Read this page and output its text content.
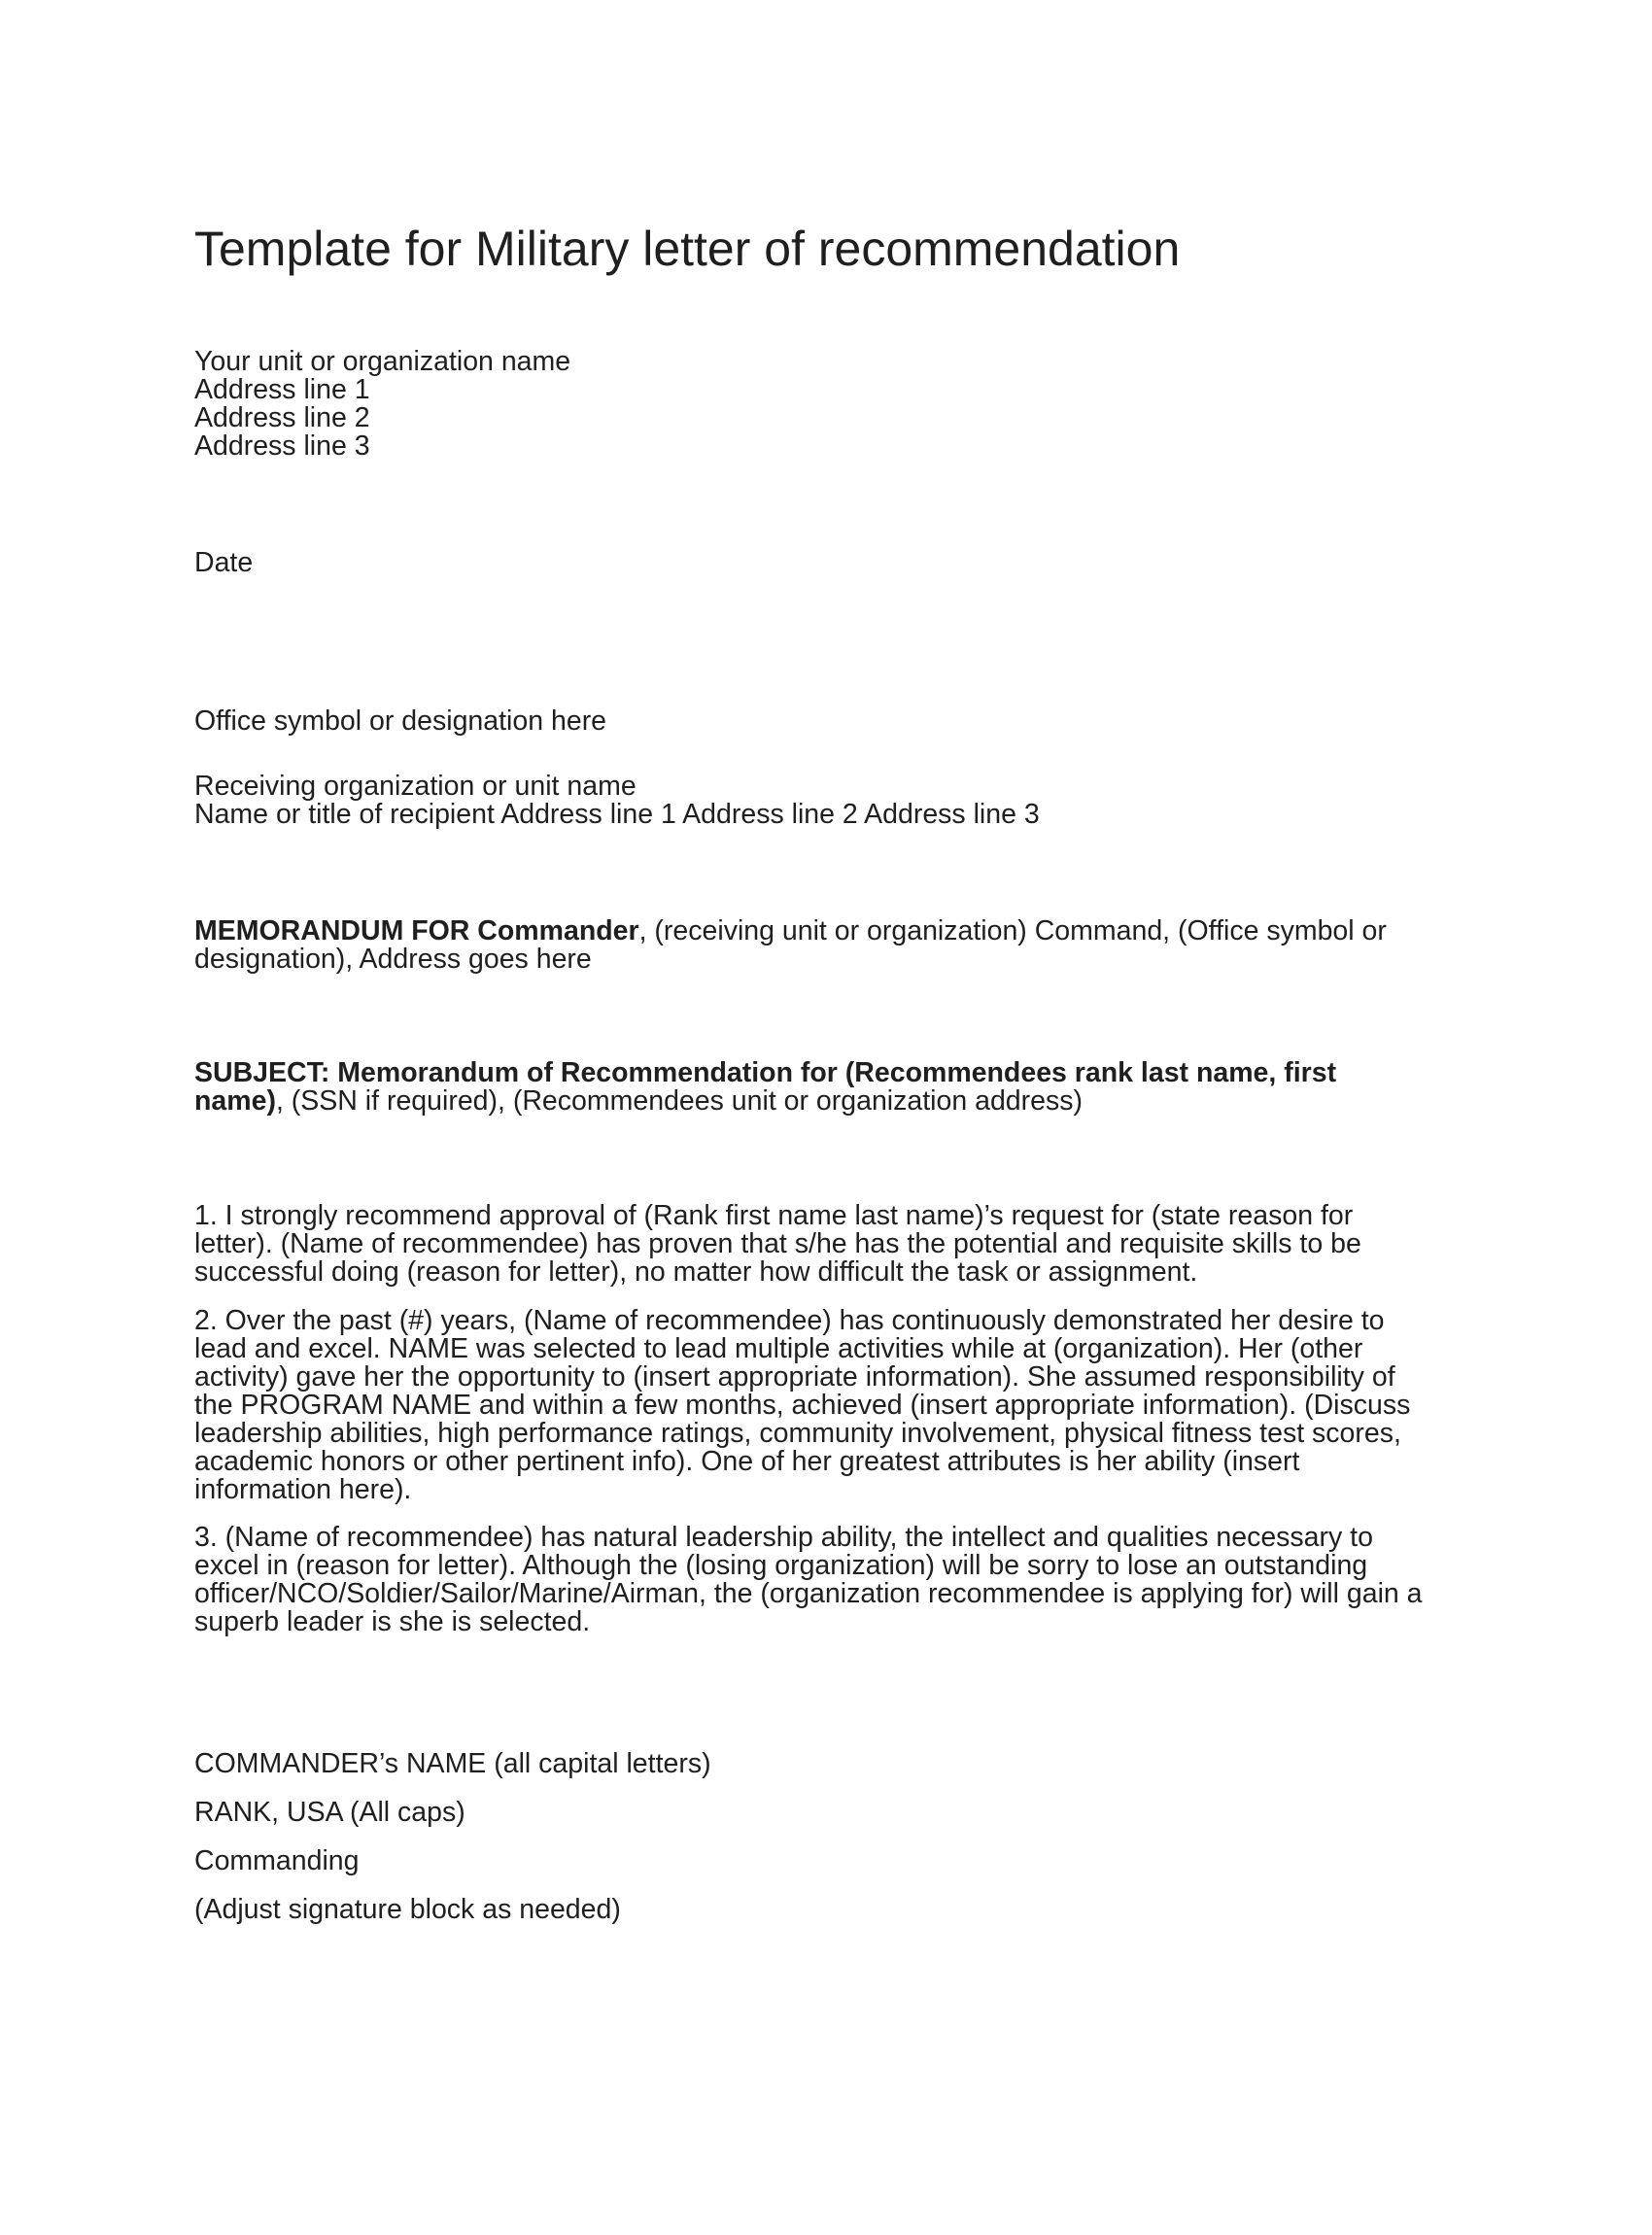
Template for Military letter of recommendation
Your unit or organization name
Address line 1
Address line 2
Address line 3
Date
Office symbol or designation here
Receiving organization or unit name
Name or title of recipient Address line 1 Address line 2 Address line 3
MEMORANDUM FOR Commander, (receiving unit or organization) Command, (Office symbol or
designation), Address goes here
SUBJECT: Memorandum of Recommendation for (Recommendees rank last name, first
name), (SSN if required), (Recommendees unit or organization address)
1. I strongly recommend approval of (Rank first name last name)’s request for (state reason for
letter). (Name of recommendee) has proven that s/he has the potential and requisite skills to be
successful doing (reason for letter), no matter how difficult the task or assignment.
2. Over the past (#) years, (Name of recommendee) has continuously demonstrated her desire to
lead and excel. NAME was selected to lead multiple activities while at (organization). Her (other
activity) gave her the opportunity to (insert appropriate information). She assumed responsibility of
the PROGRAM NAME and within a few months, achieved (insert appropriate information). (Discuss
leadership abilities, high performance ratings, community involvement, physical fitness test scores,
academic honors or other pertinent info). One of her greatest attributes is her ability (insert
information here).
3. (Name of recommendee) has natural leadership ability, the intellect and qualities necessary to
excel in (reason for letter). Although the (losing organization) will be sorry to lose an outstanding
officer/NCO/Soldier/Sailor/Marine/Airman, the (organization recommendee is applying for) will gain a
superb leader is she is selected.
COMMANDER’s NAME (all capital letters)
RANK, USA (All caps)
Commanding
(Adjust signature block as needed)
